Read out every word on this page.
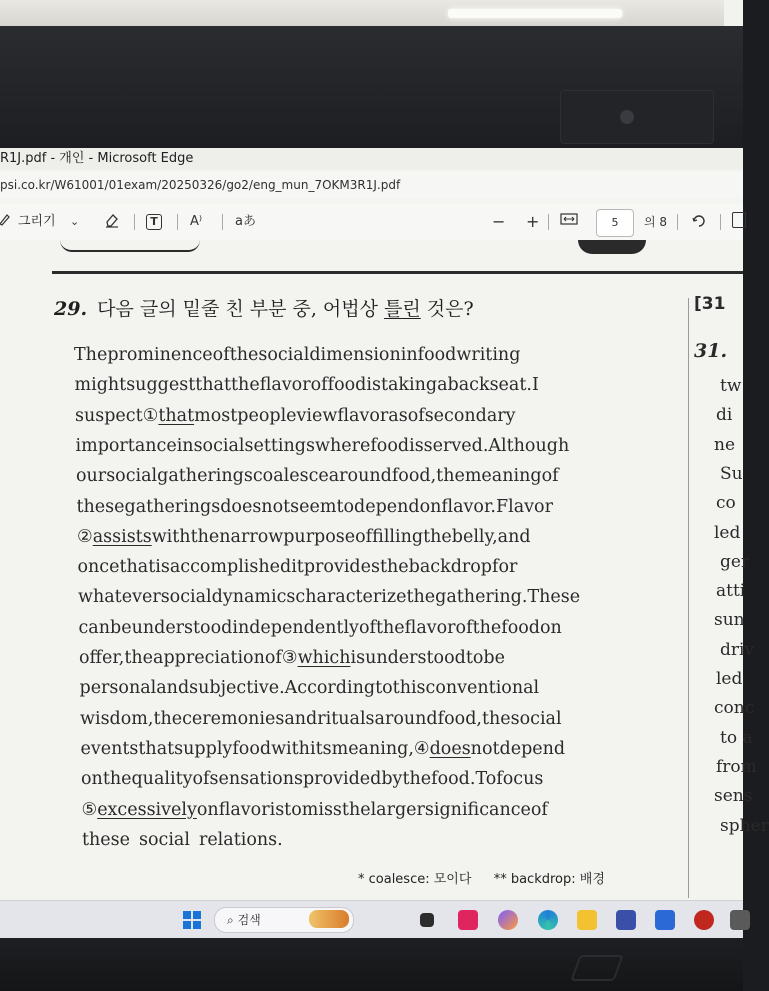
R1J.pdf - 개인 - Microsoft Edge
psi.co.kr/W61001/01exam/20250326/go2/eng_mun_7OKM3R1J.pdf
그리기 ⌄	T	A⁾	aあ	− +	5	의 8
29. 다음 글의 밑줄 친 부분 중, 어법상 틀린 것은?
The prominence of the social dimension in food writing
might suggest that the flavor of food is taking a back seat. I
suspect ①that most people view flavor as of secondary
importance in social settings where food is served. Although
our social gatherings coalesce around food, the meaning of
these gatherings does not seem to depend on flavor. Flavor
②assists with the narrow purpose of filling the belly, and
once that is accomplished it provides the backdrop for
whatever social dynamics characterize the gathering. These
can be understood independently of the flavor of the food on
offer, the appreciation of ③which is understood to be
personal and subjective. According to this conventional
wisdom, the ceremonies and rituals around food, the social
events that supply food with its meaning, ④does not depend
on the quality of sensations provided by the food. To focus
⑤excessively on flavor is to miss the larger significance of
these social relations.
[31
31.
tw
di
ne
Su
co
led
ger
atti
sun
driv
led
conc
to a
from
sens
spher
* coalesce: 모이다 ** backdrop: 배경
⌕ 검색
